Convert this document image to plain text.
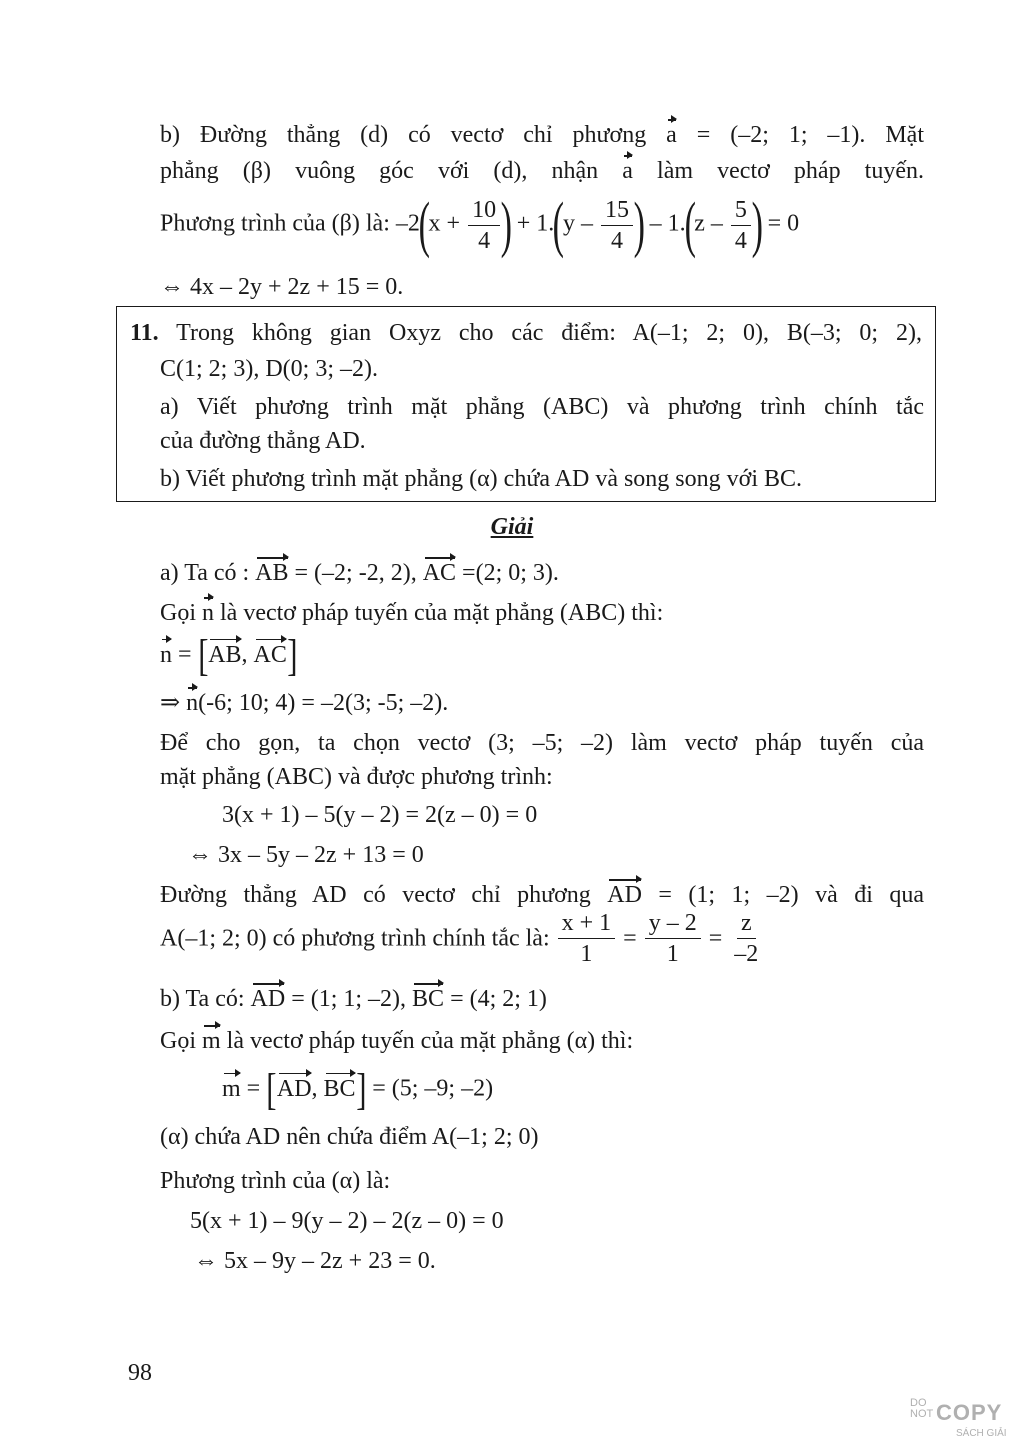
b) Đường thẳng (d) có vectơ chỉ phương a = (–2; 1; –1). Mặt
phẳng (β) vuông góc với (d), nhận a làm vectơ pháp tuyến.
Phương trình của (β) là: $-2(x + \frac{10}{4}$ ) + $1.(y - \frac{15}{4}$ ) – $1.(z - \frac{5}{4}$ ) = 0
⇔ 4x – 2y + 2z + 15 = 0.
11. Trong không gian Oxyz cho các điểm: A(–1; 2; 0), B(–3; 0; 2),
C(1; 2; 3), D(0; 3; –2).
a) Viết phương trình mặt phẳng (ABC) và phương trình chính tắc
của đường thẳng AD.
b) Viết phương trình mặt phẳng (α) chứa AD và song song với BC.
Giải
a) Ta có : AB = (–2; -2, 2), AC =(2; 0; 3).
Gọi n là vectơ pháp tuyến của mặt phẳng (ABC) thì:
n = [AB, AC]
⇒ n(-6; 10; 4) = –2(3; -5; –2).
Để cho gọn, ta chọn vectơ (3; –5; –2) làm vectơ pháp tuyến của
mặt phẳng (ABC) và được phương trình:
3(x + 1) – 5(y – 2) = 2(z – 0) = 0
⇔ 3x – 5y – 2z + 13 = 0
Đường thẳng AD có vectơ chỉ phương AD = (1; 1; –2) và đi qua
A(–1; 2; 0) có phương trình chính tắc là: $\frac{x + 1}{1} = \frac{y - 2}{1} = \frac{z}{-2}$
b) Ta có: AD = (1; 1; –2), BC = (4; 2; 1)
Gọi m là vectơ pháp tuyến của mặt phẳng (α) thì:
m = [AD, BC] = (5; –9; –2)
(α) chứa AD nên chứa điểm A(–1; 2; 0)
Phương trình của (α) là:
5(x + 1) – 9(y – 2) – 2(z – 0) = 0
⇔ 5x – 9y – 2z + 23 = 0.
98
DO
NOT COPY
SÁCH GIẢI
